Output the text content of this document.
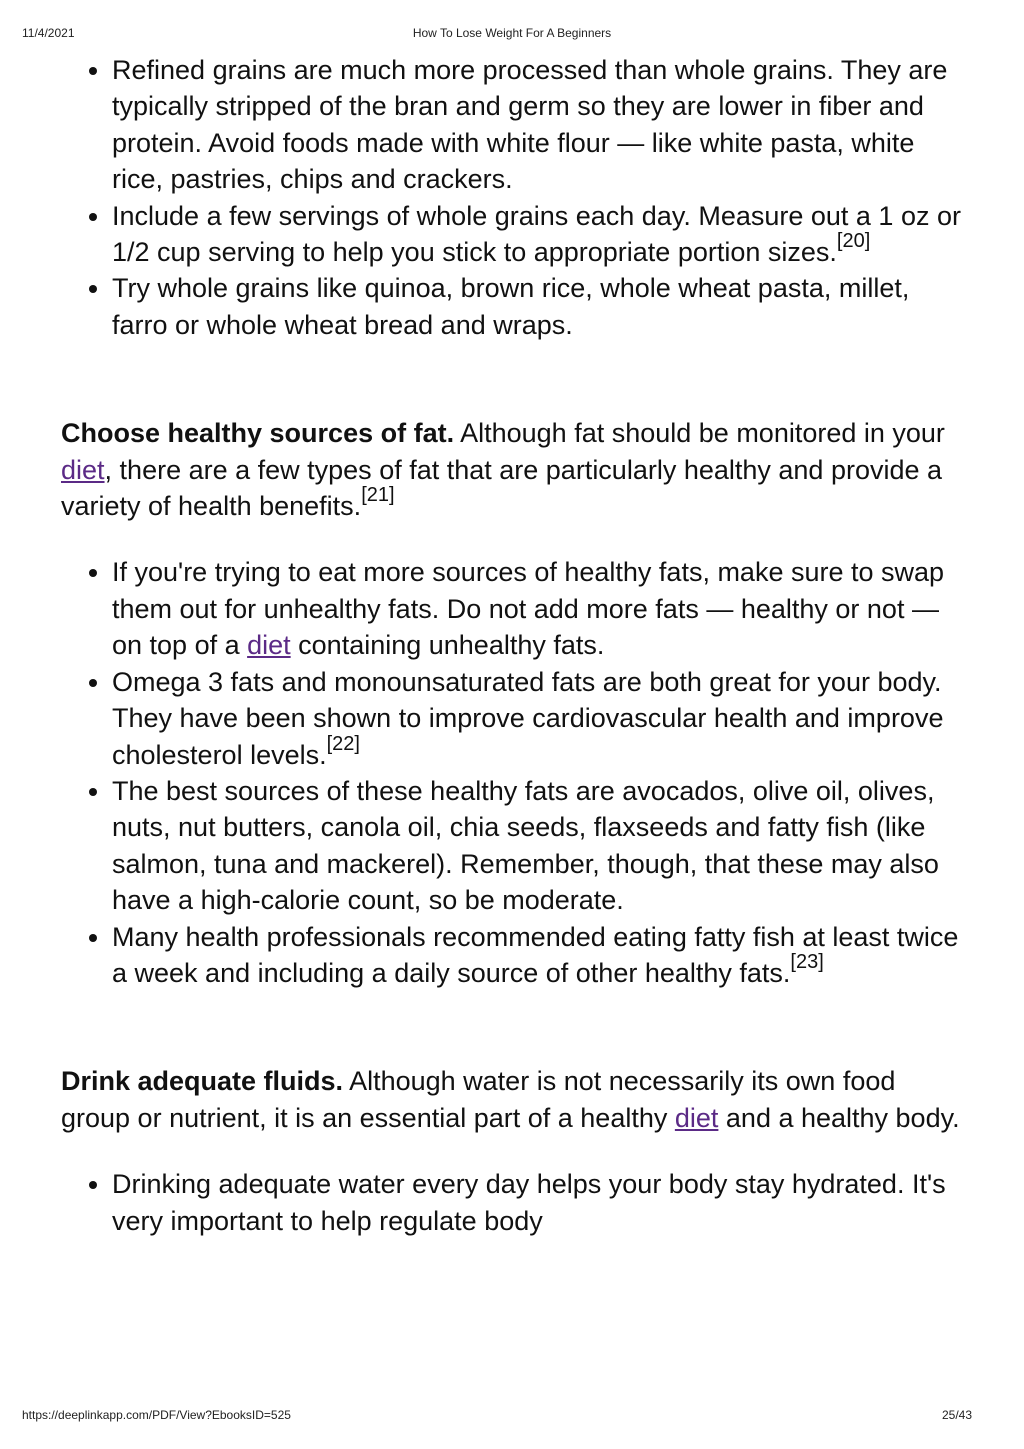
11/4/2021	How To Lose Weight For A Beginners
• Refined grains are much more processed than whole grains. They are typically stripped of the bran and germ so they are lower in fiber and protein. Avoid foods made with white flour — like white pasta, white rice, pastries, chips and crackers.
• Include a few servings of whole grains each day. Measure out a 1 oz or 1/2 cup serving to help you stick to appropriate portion sizes.[20]
• Try whole grains like quinoa, brown rice, whole wheat pasta, millet, farro or whole wheat bread and wraps.

Choose healthy sources of fat. Although fat should be monitored in your diet, there are a few types of fat that are particularly healthy and provide a variety of health benefits.[21]

• If you're trying to eat more sources of healthy fats, make sure to swap them out for unhealthy fats. Do not add more fats — healthy or not — on top of a diet containing unhealthy fats.
• Omega 3 fats and monounsaturated fats are both great for your body. They have been shown to improve cardiovascular health and improve cholesterol levels.[22]
• The best sources of these healthy fats are avocados, olive oil, olives, nuts, nut butters, canola oil, chia seeds, flaxseeds and fatty fish (like salmon, tuna and mackerel). Remember, though, that these may also have a high-calorie count, so be moderate.
• Many health professionals recommended eating fatty fish at least twice a week and including a daily source of other healthy fats.[23]

Drink adequate fluids. Although water is not necessarily its own food group or nutrient, it is an essential part of a healthy diet and a healthy body.

• Drinking adequate water every day helps your body stay hydrated. It's very important to help regulate body
https://deeplinkapp.com/PDF/View?EbooksID=525	25/43
